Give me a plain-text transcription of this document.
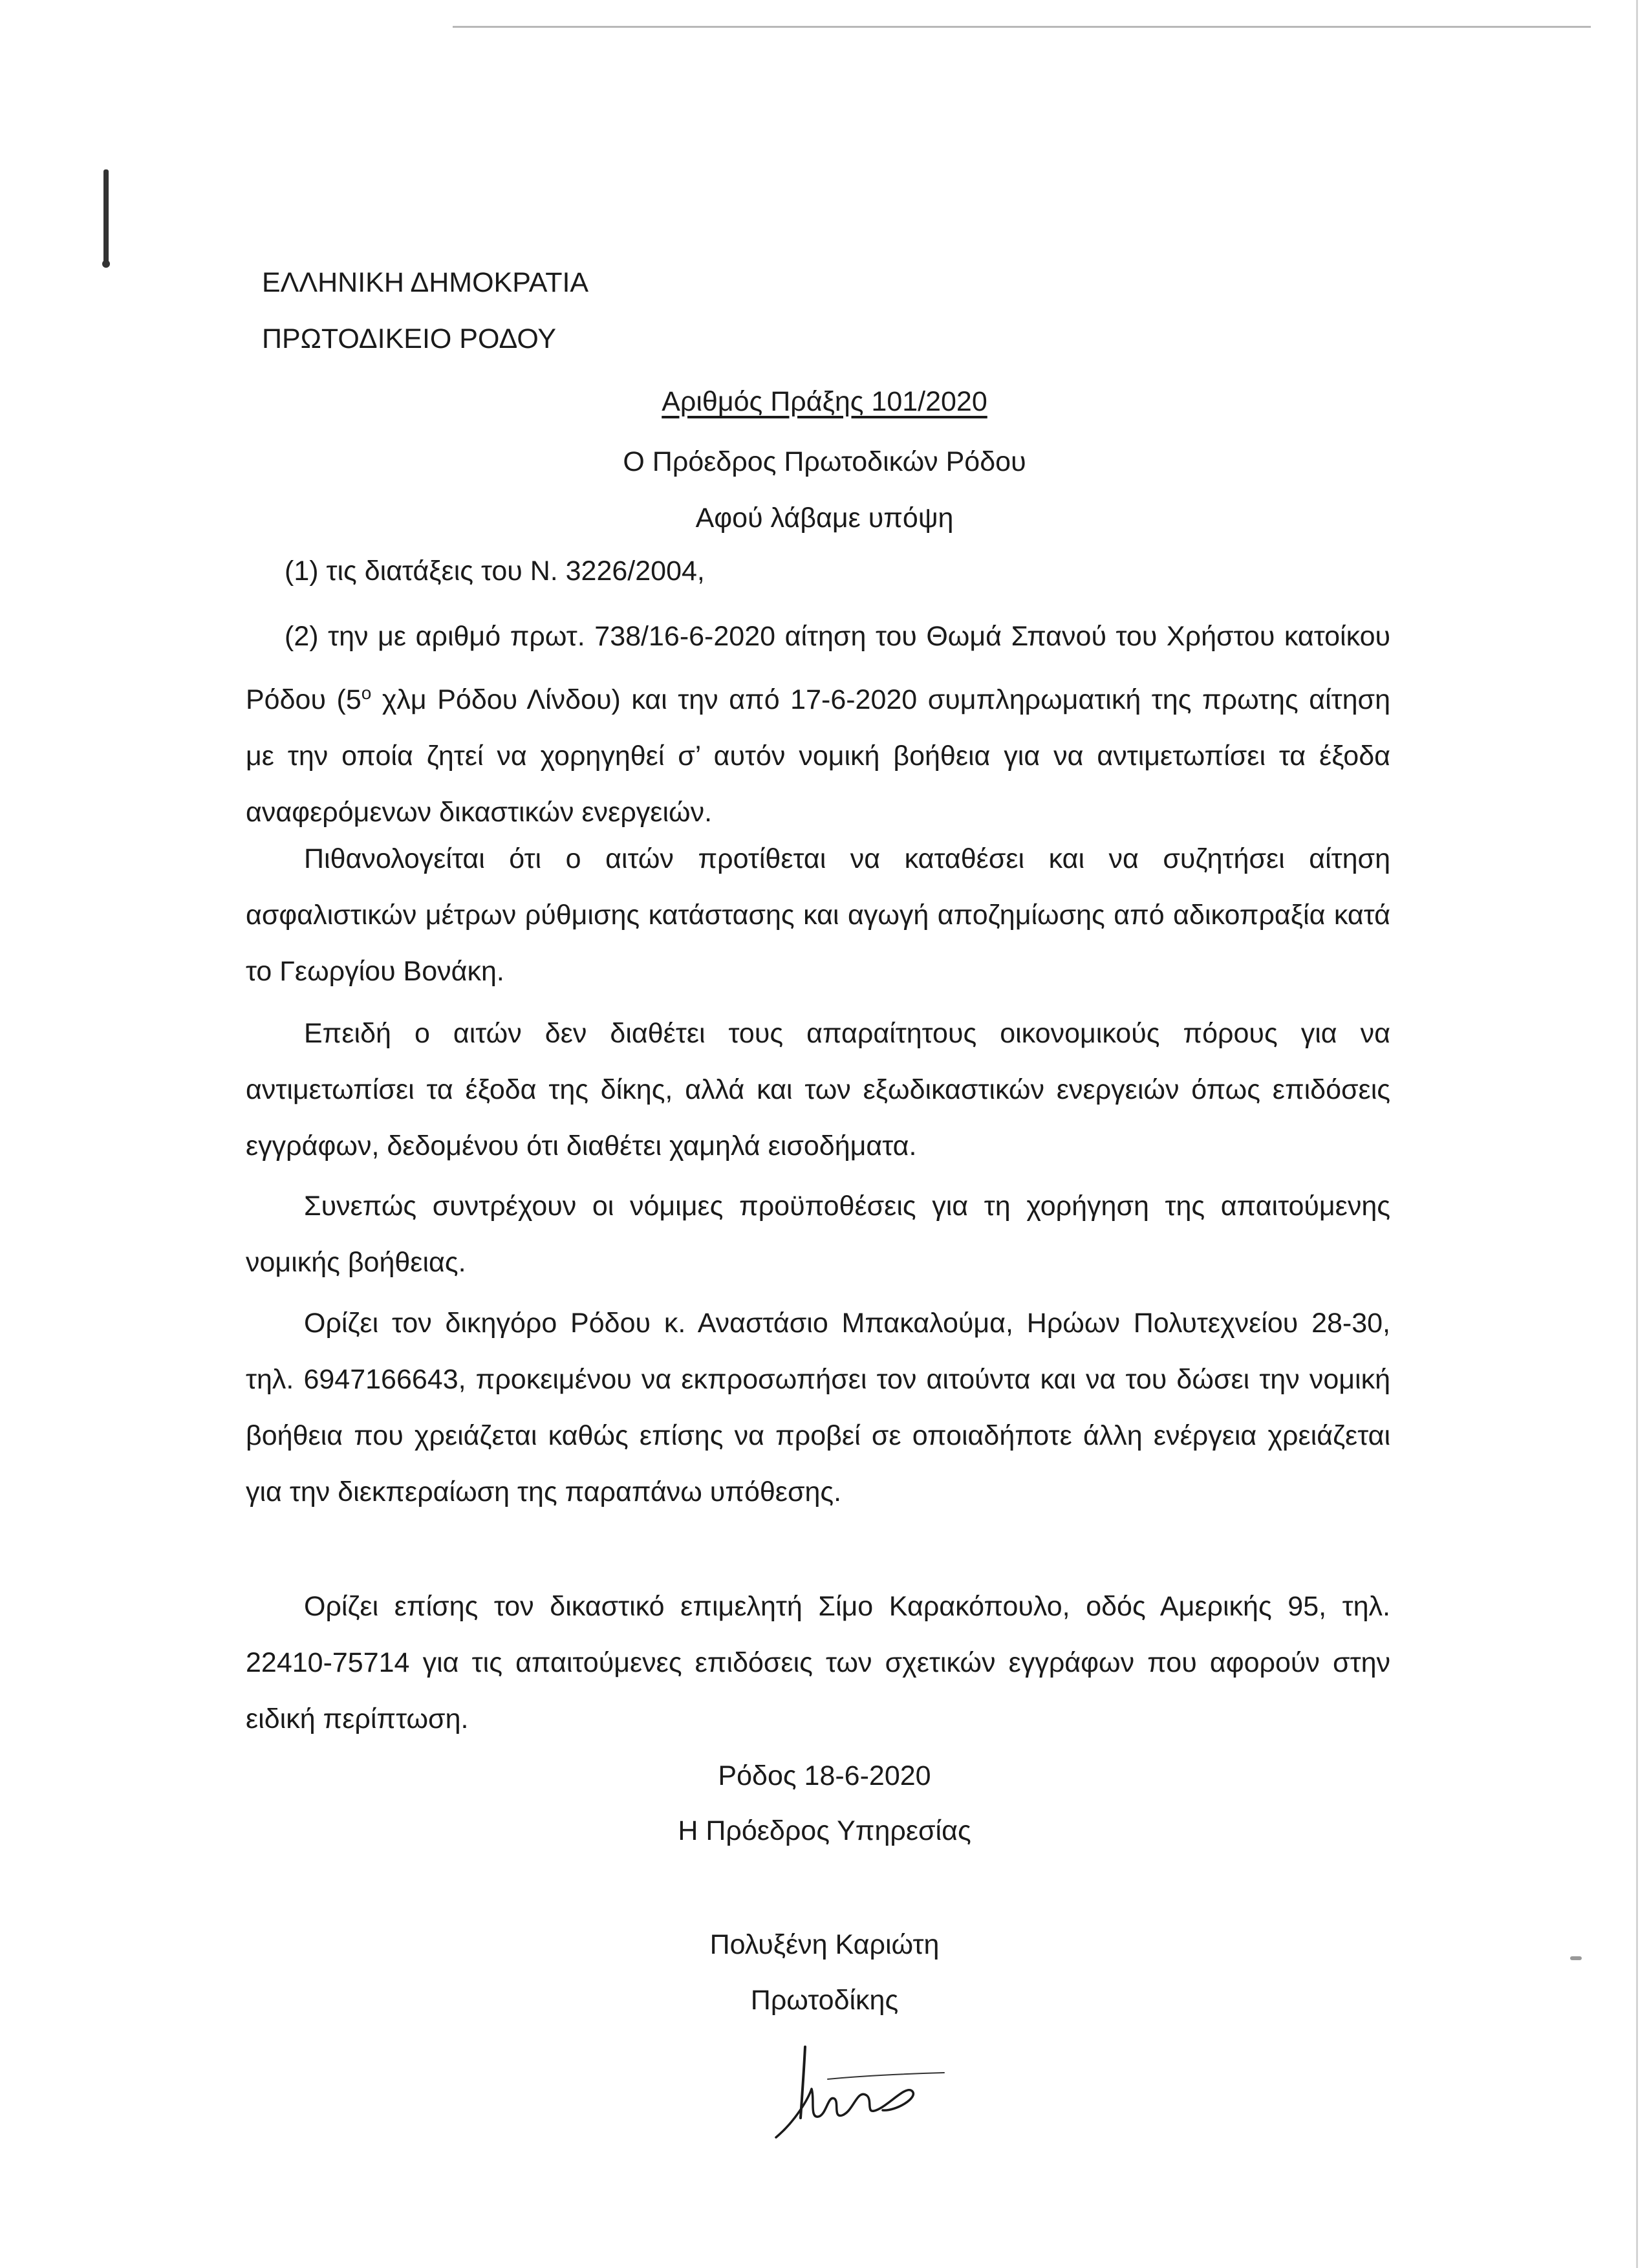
ΕΛΛΗΝΙΚΗ ΔΗΜΟΚΡΑΤΙΑ
ΠΡΩΤΟΔΙΚΕΙΟ ΡΟΔΟΥ
Αριθμός Πράξης 101/2020
Ο Πρόεδρος Πρωτοδικών Ρόδου
Αφού λάβαμε υπόψη
(1) τις διατάξεις του Ν. 3226/2004,
(2) την με αριθμό πρωτ. 738/16-6-2020 αίτηση του Θωμά Σπανού του Χρήστου κατοίκου Ρόδου ($5^o$ χλμ Ρόδου Λίνδου) και την από 17-6-2020 συμπληρωματική της πρωτης αίτηση με την οποία ζητεί να χορηγηθεί σ’ αυτόν νομική βοήθεια για να αντιμετωπίσει τα έξοδα αναφερόμενων δικαστικών ενεργειών.
Πιθανολογείται ότι ο αιτών προτίθεται να καταθέσει και να συζητήσει αίτηση ασφαλιστικών μέτρων ρύθμισης κατάστασης και αγωγή αποζημίωσης από αδικοπραξία κατά το Γεωργίου Βονάκη.
Επειδή ο αιτών δεν διαθέτει τους απαραίτητους οικονομικούς πόρους για να αντιμετωπίσει τα έξοδα της δίκης, αλλά και των εξωδικαστικών ενεργειών όπως επιδόσεις εγγράφων, δεδομένου ότι διαθέτει χαμηλά εισοδήματα.
Συνεπώς συντρέχουν οι νόμιμες προϋποθέσεις για τη χορήγηση της απαιτούμενης νομικής βοήθειας.
Ορίζει τον δικηγόρο Ρόδου κ. Αναστάσιο Μπακαλούμα, Ηρώων Πολυτεχνείου 28-30, τηλ. 6947166643, προκειμένου να εκπροσωπήσει τον αιτούντα και να του δώσει την νομική βοήθεια που χρειάζεται καθώς επίσης να προβεί σε οποιαδήποτε άλλη ενέργεια χρειάζεται για την διεκπεραίωση της παραπάνω υπόθεσης.
Ορίζει επίσης τον δικαστικό επιμελητή Σίμο Καρακόπουλο, οδός Αμερικής 95, τηλ. 22410-75714 για τις απαιτούμενες επιδόσεις των σχετικών εγγράφων που αφορούν στην ειδική περίπτωση.
Ρόδος 18-6-2020
Η Πρόεδρος Υπηρεσίας
Πολυξένη Καριώτη
Πρωτοδίκης
